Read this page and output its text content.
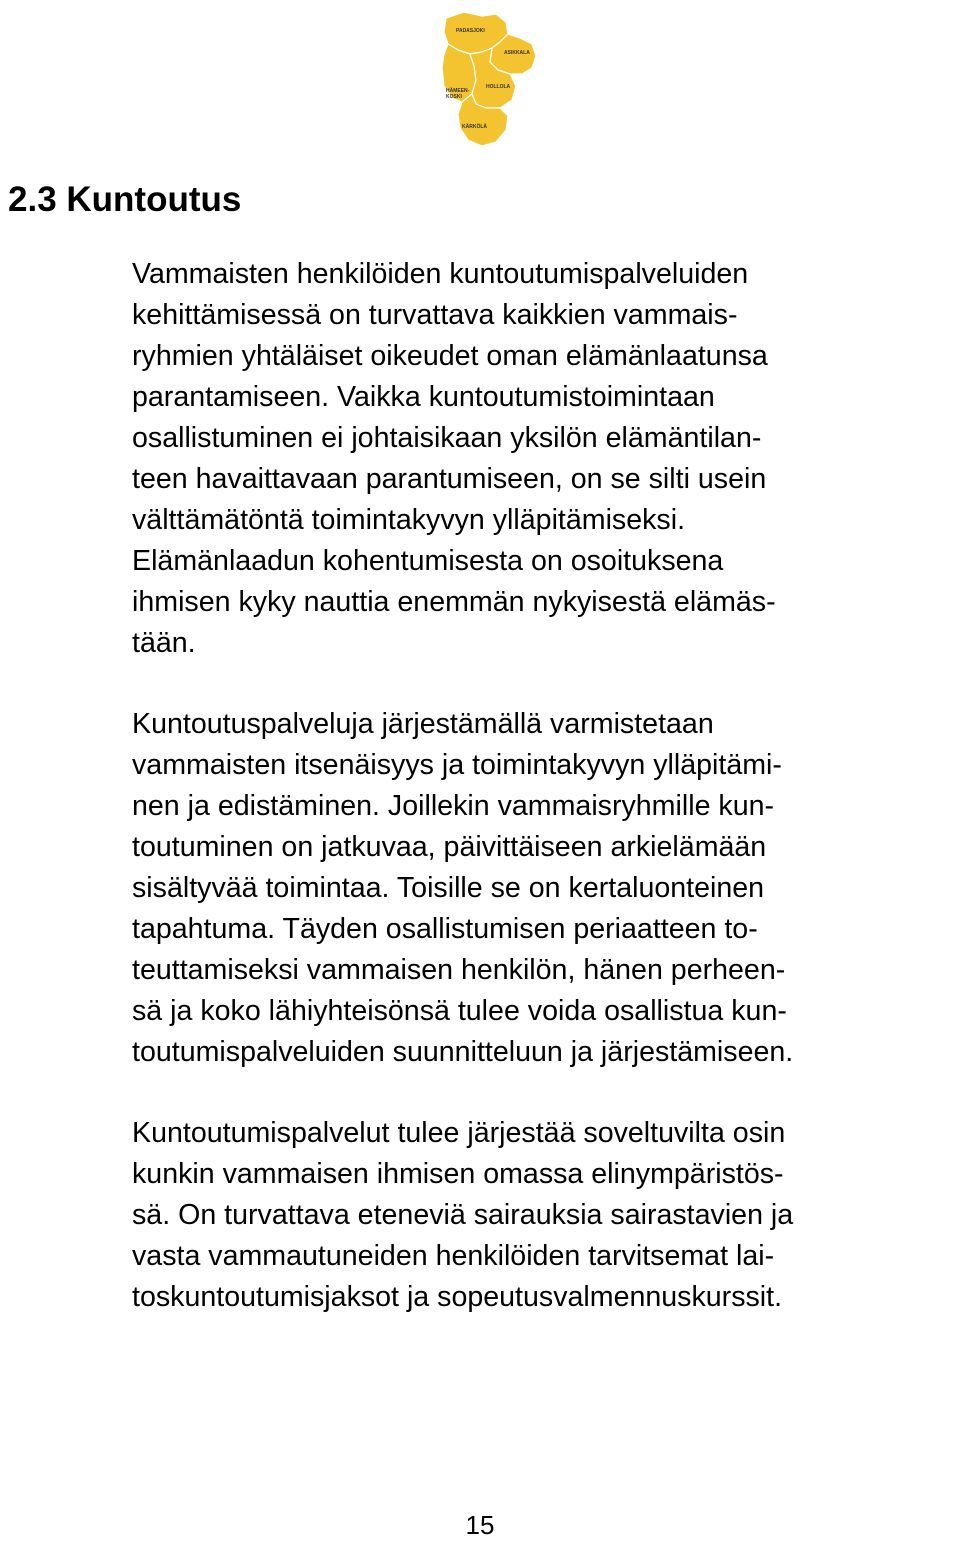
PADASJOKI
ASIKKALA
HOLLOLA
HÄMEEN-
KOSKI
KÄRKÖLÄ
2.3 Kuntoutus

Vammaisten henkilöiden kuntoutumispalveluiden
kehittämisessä on turvattava kaikkien vammais-
ryhmien yhtäläiset oikeudet oman elämänlaatunsa
parantamiseen. Vaikka kuntoutumistoimintaan
osallistuminen ei johtaisikaan yksilön elämäntilan-
teen havaittavaan parantumiseen, on se silti usein
välttämätöntä toimintakyvyn ylläpitämiseksi.
Elämänlaadun kohentumisesta on osoituksena
ihmisen kyky nauttia enemmän nykyisestä elämäs-
tään.

Kuntoutuspalveluja järjestämällä varmistetaan
vammaisten itsenäisyys ja toimintakyvyn ylläpitämi-
nen ja edistäminen. Joillekin vammaisryhmille kun-
toutuminen on jatkuvaa, päivittäiseen arkielämään
sisältyvää toimintaa. Toisille se on kertaluonteinen
tapahtuma. Täyden osallistumisen periaatteen to-
teuttamiseksi vammaisen henkilön, hänen perheen-
sä ja koko lähiyhteisönsä tulee voida osallistua kun-
toutumispalveluiden suunnitteluun ja järjestämiseen.

Kuntoutumispalvelut tulee järjestää soveltuvilta osin
kunkin vammaisen ihmisen omassa elinympäristös-
sä. On turvattava eteneviä sairauksia sairastavien ja
vasta vammautuneiden henkilöiden tarvitsemat lai-
toskuntoutumisjaksot ja sopeutusvalmennuskurssit.

15
